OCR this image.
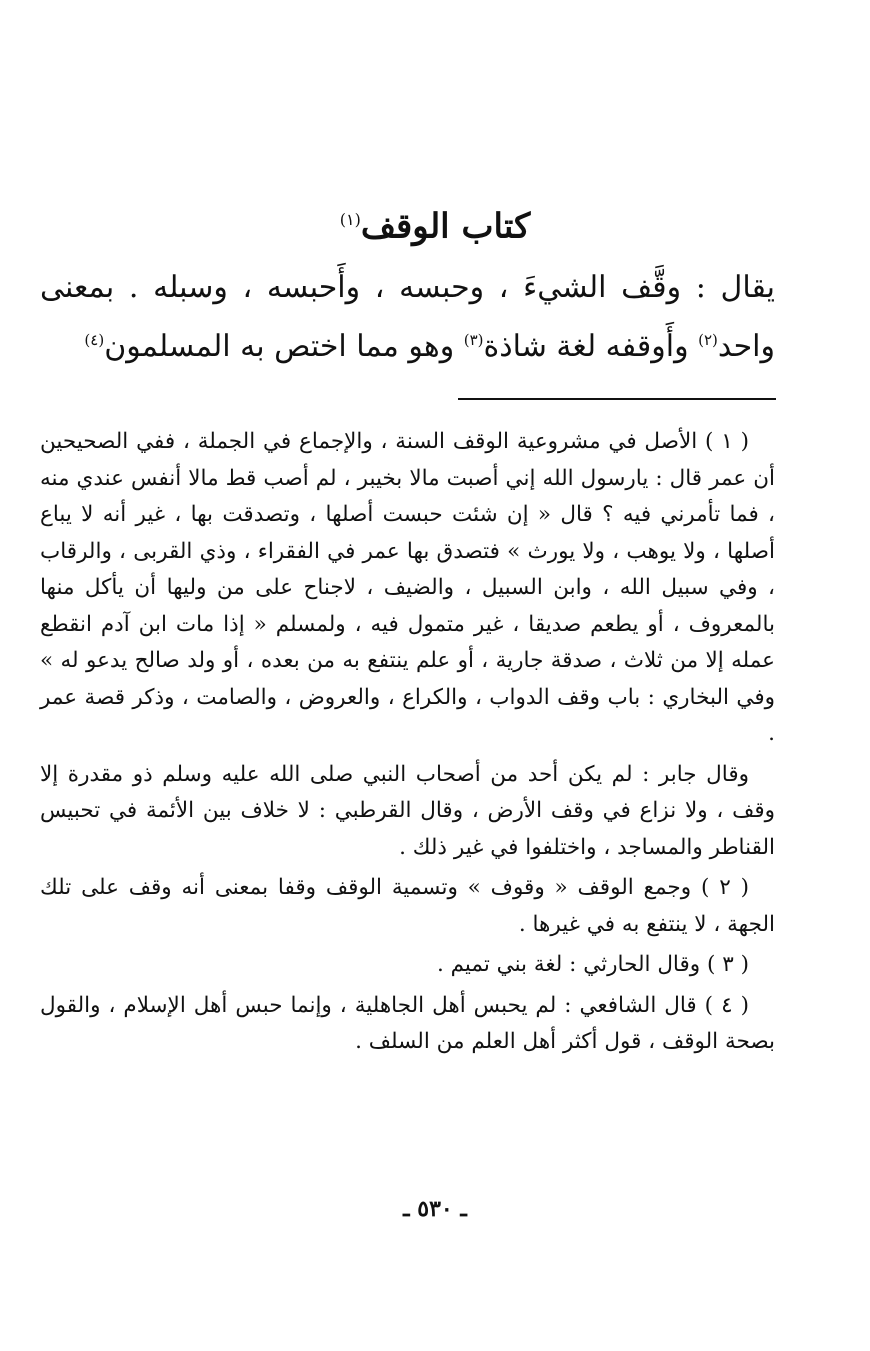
كتاب الوقف$^{(١)}$
يقال : وقَّف الشيءَ ، وحبسه ، وأَحبسه ، وسبله . بمعنى واحد$^{(٢)}$ وأَوقفه لغة شاذة$^{(٣)}$ وهو مما اختص به المسلمون$^{(٤)}$

( ١ ) الأصل في مشروعية الوقف السنة ، والإجماع في الجملة ، ففي الصحيحين أن عمر قال : يارسول الله إني أصبت مالا بخيبر ، لم أصب قط مالا أنفس عندي منه ، فما تأمرني فيه ؟ قال « إن شئت حبست أصلها ، وتصدقت بها ، غير أنه لا يباع أصلها ، ولا يوهب ، ولا يورث » فتصدق بها عمر في الفقراء ، وذي القربى ، والرقاب ، وفي سبيل الله ، وابن السبيل ، والضيف ، لاجناح على من وليها أن يأكل منها بالمعروف ، أو يطعم صديقا ، غير متمول فيه ، ولمسلم « إذا مات ابن آدم انقطع عمله إلا من ثلاث ، صدقة جارية ، أو علم ينتفع به من بعده ، أو ولد صالح يدعو له » وفي البخاري : باب وقف الدواب ، والكراع ، والعروض ، والصامت ، وذكر قصة عمر .

وقال جابر : لم يكن أحد من أصحاب النبي صلى الله عليه وسلم ذو مقدرة إلا وقف ، ولا نزاع في وقف الأرض ، وقال القرطبي : لا خلاف بين الأئمة في تحبيس القناطر والمساجد ، واختلفوا في غير ذلك .

( ٢ ) وجمع الوقف « وقوف » وتسمية الوقف وقفا بمعنى أنه وقف على تلك الجهة ، لا ينتفع به في غيرها .

( ٣ ) وقال الحارثي : لغة بني تميم .

( ٤ ) قال الشافعي : لم يحبس أهل الجاهلية ، وإنما حبس أهل الإسلام ، والقول بصحة الوقف ، قول أكثر أهل العلم من السلف .

ـ ٥٣٠ ـ
